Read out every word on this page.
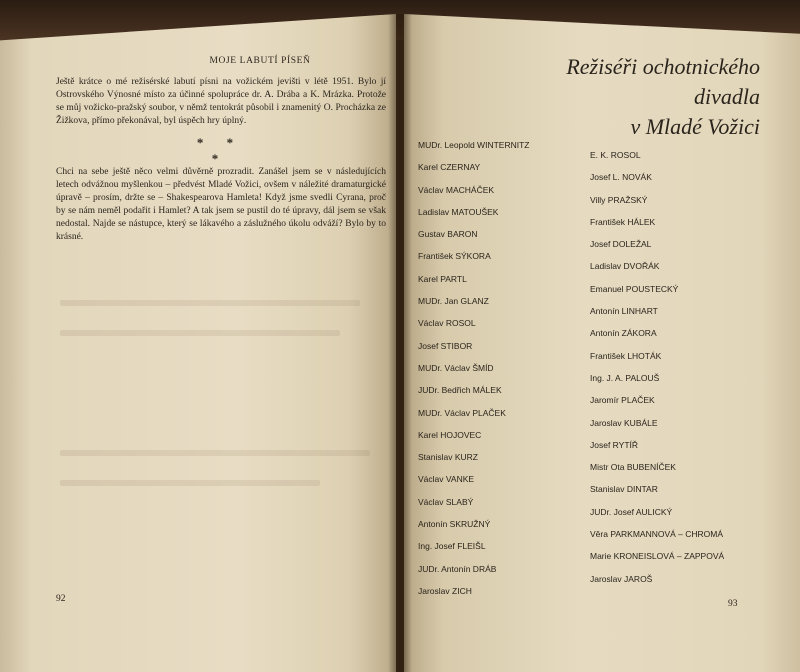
MOJE LABUTÍ PÍSEŇ

Ještě krátce o mé režisérské labutí písni na vožickém jevišti v létě 1951. Bylo jí Ostrovského Výnosné místo za účinné spolupráce dr. A. Drába a K. Mrázka. Protože se můj vožicko-pražský soubor, v němž tentokrát působil i znamenitý O. Procházka ze Žižkova, přímo překonával, byl úspěch hry úplný.

* * *

Chci na sebe ještě něco velmi důvěrně prozradit. Zanášel jsem se v následujících letech odvážnou myšlenkou – předvést Mladé Vožici, ovšem v náležité dramaturgické úpravě – prosím, držte se – Shakespearova Hamleta! Když jsme svedli Cyrana, proč by se nám neměl podařit i Hamlet? A tak jsem se pustil do té úpravy, dál jsem se však nedostal. Najde se nástupce, který se lákavého a záslužného úkolu odváží? Bylo by to krásné.

92
Režiséři ochotnického divadla
v Mladé Vožici
MUDr. Leopold WINTERNITZ
Karel CZERNAY
Václav MACHÁČEK
Ladislav MATOUŠEK
Gustav BARON
František SÝKORA
Karel PARTL
MUDr. Jan GLANZ
Václav ROSOL
Josef STIBOR
MUDr. Václav ŠMÍD
JUDr. Bedřich MÁLEK
MUDr. Václav PLAČEK
Karel HOJOVEC
Stanislav KURZ
Václav VANKE
Václav SLABÝ
Antonín SKRUŽNÝ
Ing. Josef FLEIŠL
JUDr. Antonín DRÁB
Jaroslav ZICH
E. K. ROSOL
Josef L. NOVÁK
Villy PRAŽSKÝ
František HÁLEK
Josef DOLEŽAL
Ladislav DVOŘÁK
Emanuel POUSTECKÝ
Antonín LINHART
Antonín ZÁKORA
František LHOTÁK
Ing. J. A. PALOUŠ
Jaromír PLAČEK
Jaroslav KUBÁLE
Josef RYTÍŘ
Mistr Ota BUBENÍČEK
Stanislav DINTAR
JUDr. Josef AULICKÝ
Věra PARKMANNOVÁ – CHROMÁ
Marie KRONEISLOVÁ – ZAPPOVÁ
Jaroslav JAROŠ
93
